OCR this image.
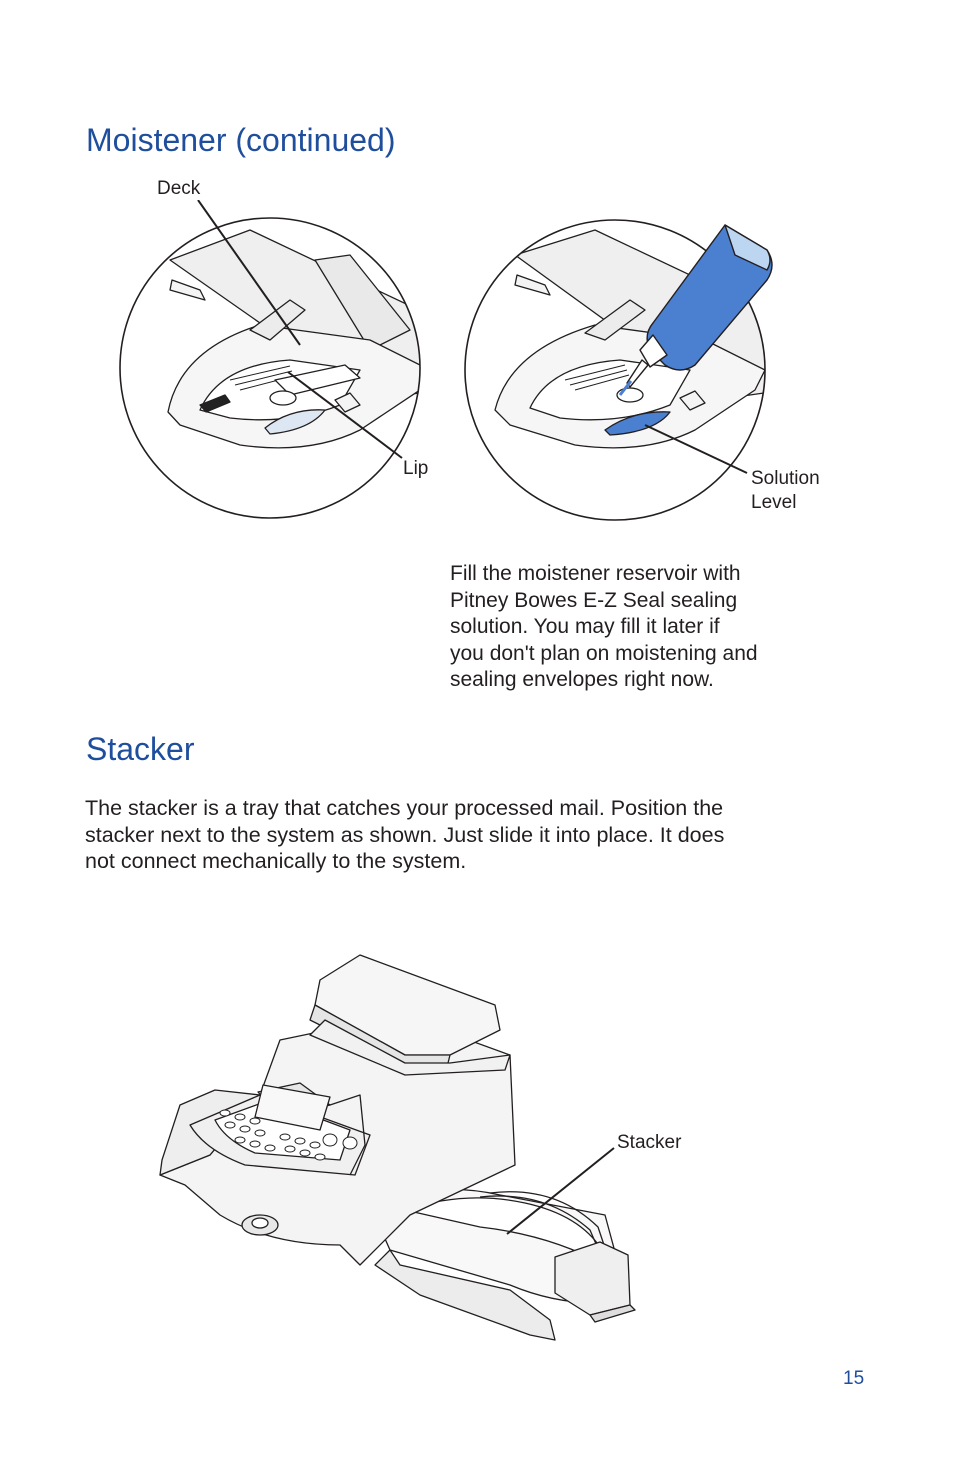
Moistener (continued)
Deck
Lip	Solution
Level

Fill the moistener reservoir with
Pitney Bowes E-Z Seal sealing
solution. You may fill it later if
you don't plan on moistening and
sealing envelopes right now.

Stacker

The stacker is a tray that catches your processed mail. Position the
stacker next to the system as shown. Just slide it into place. It does
not connect mechanically to the system.

Stacker
15
